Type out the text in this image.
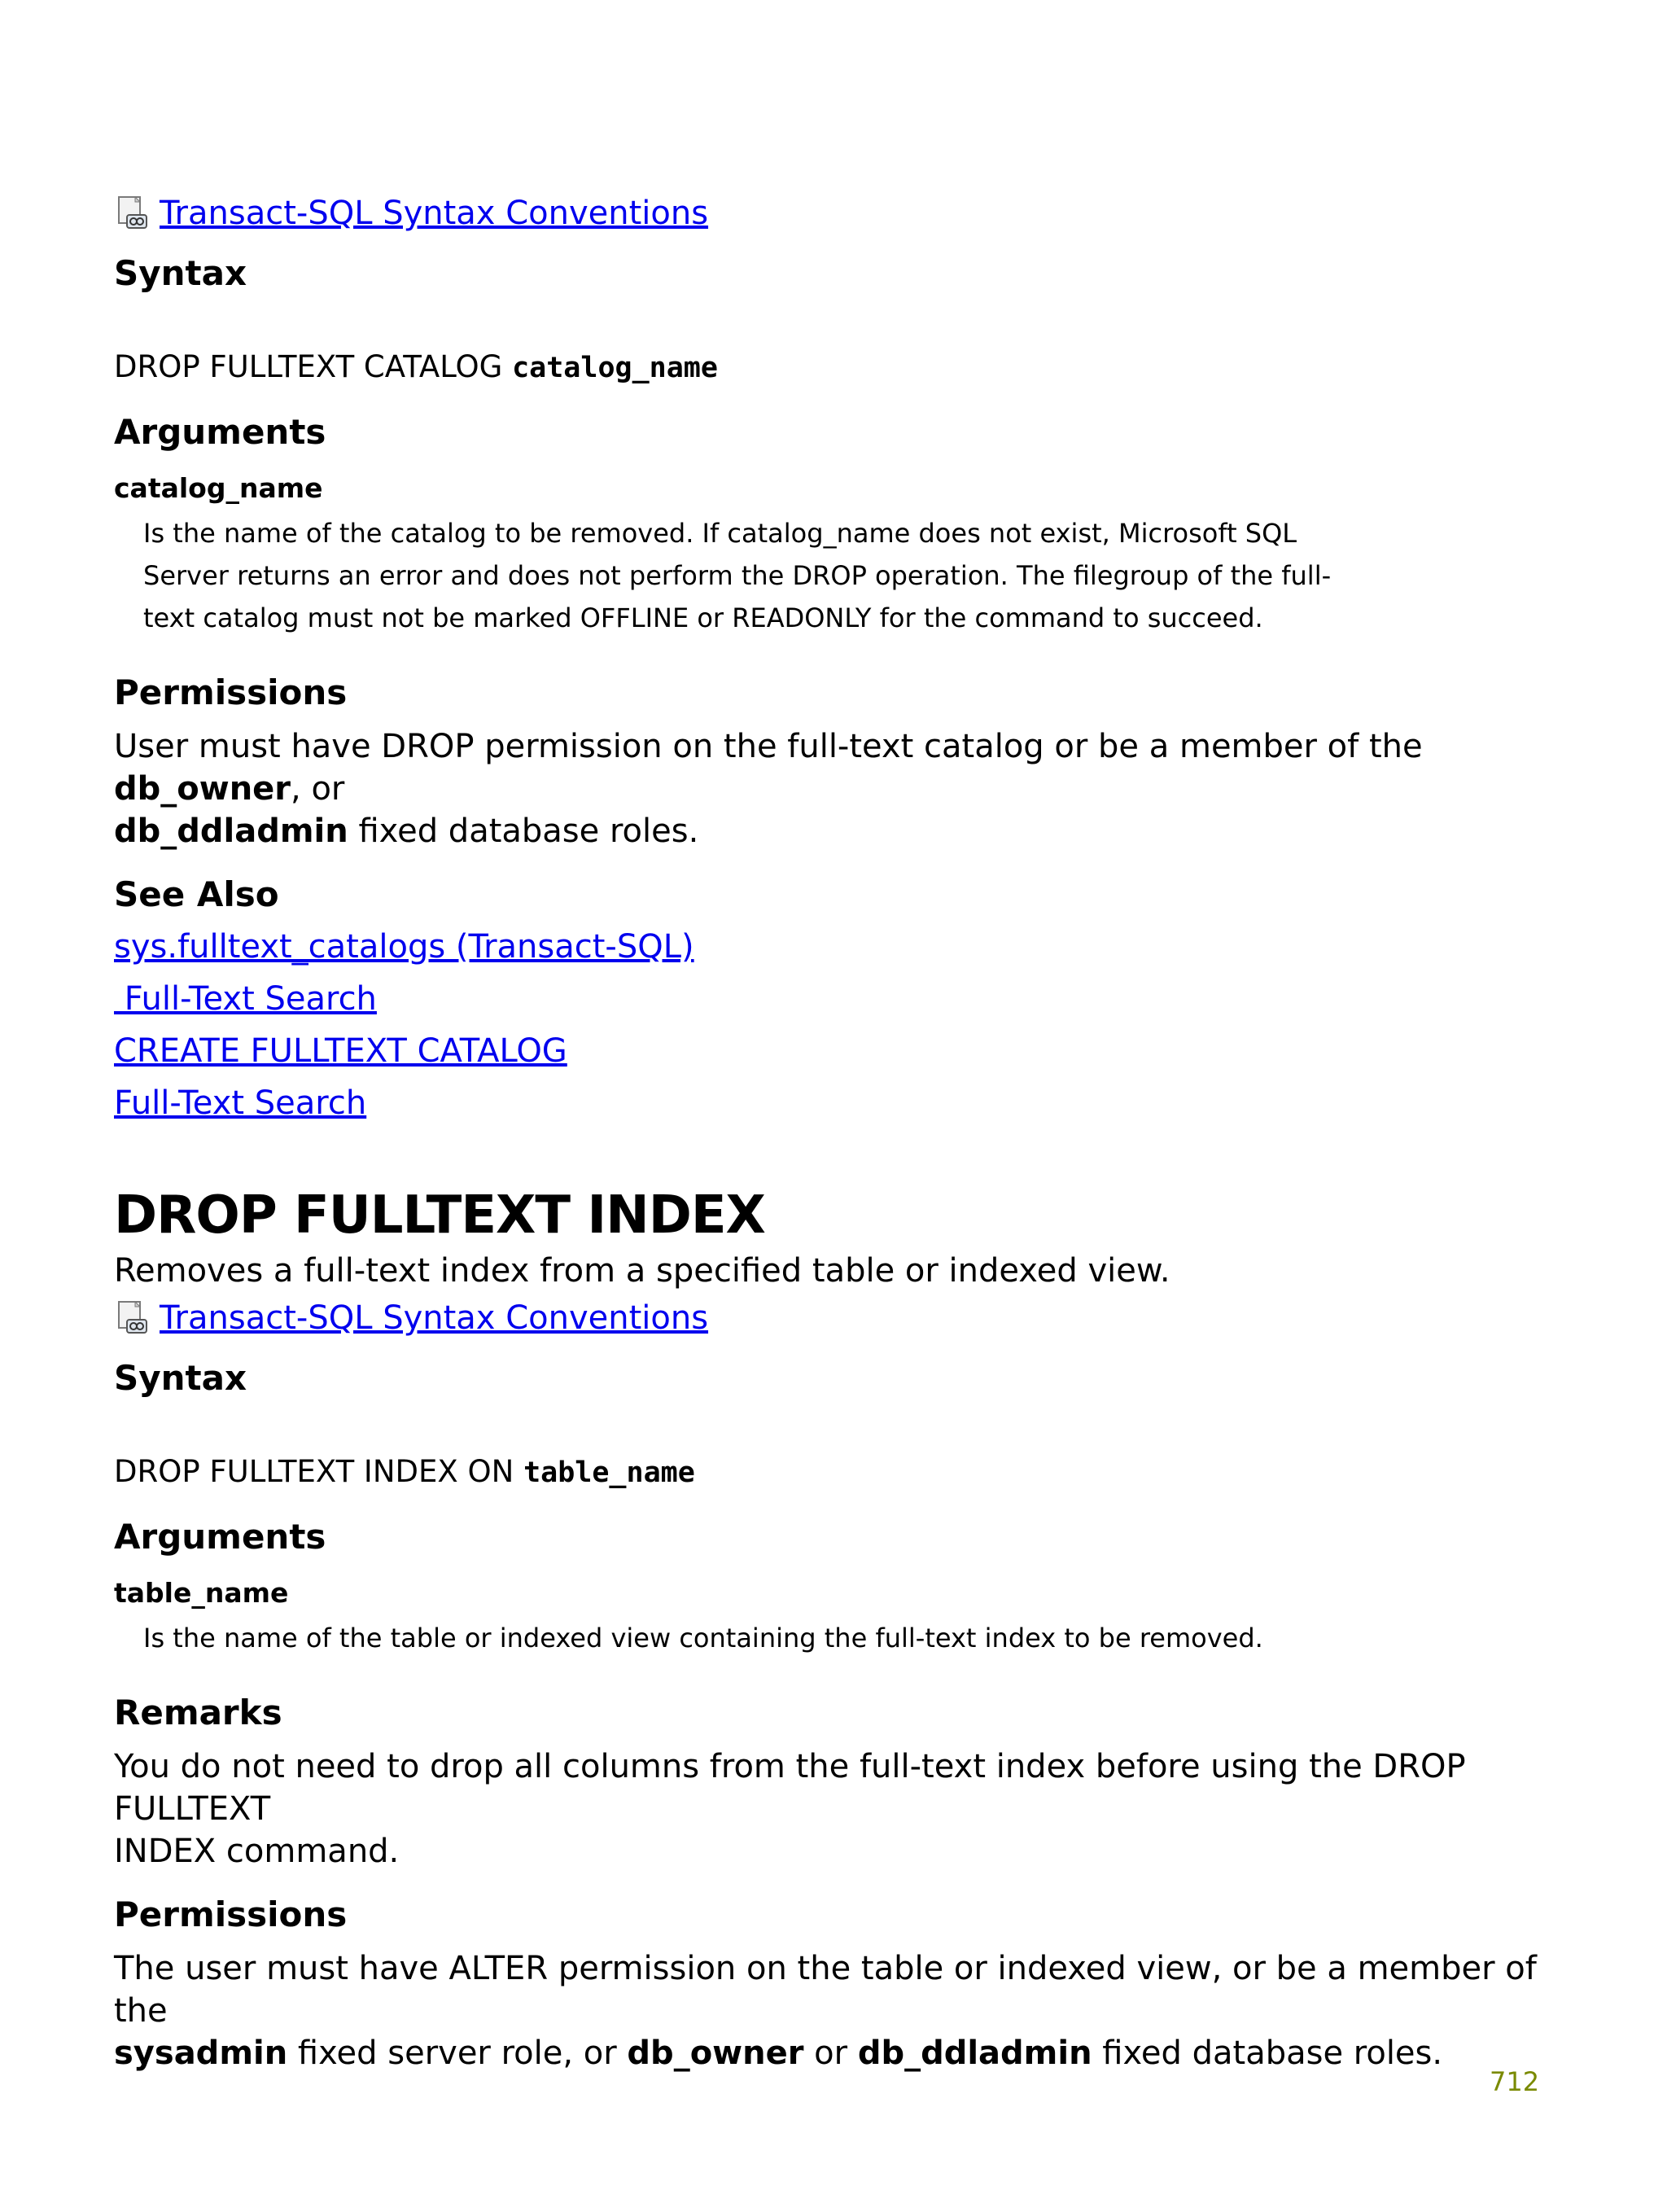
Transact-SQL Syntax Conventions
Syntax

DROP FULLTEXT CATALOG catalog_name

Arguments

catalog_name

Is the name of the catalog to be removed. If catalog_name does not exist, Microsoft SQL
Server returns an error and does not perform the DROP operation. The filegroup of the full-
text catalog must not be marked OFFLINE or READONLY for the command to succeed.
Permissions

User must have DROP permission on the full-text catalog or be a member of the db_owner, or
db_ddladmin fixed database roles.

See Also
sys.fulltext_catalogs (Transact-SQL)
Full-Text Search
CREATE FULLTEXT CATALOG
Full-Text Search
DROP FULLTEXT INDEX

Removes a full-text index from a specified table or indexed view.

Transact-SQL Syntax Conventions
Syntax

DROP FULLTEXT INDEX ON table_name

Arguments

table_name

Is the name of the table or indexed view containing the full-text index to be removed.
Remarks

You do not need to drop all columns from the full-text index before using the DROP FULLTEXT
INDEX command.

Permissions

The user must have ALTER permission on the table or indexed view, or be a member of the
sysadmin fixed server role, or db_owner or db_ddladmin fixed database roles.

712
